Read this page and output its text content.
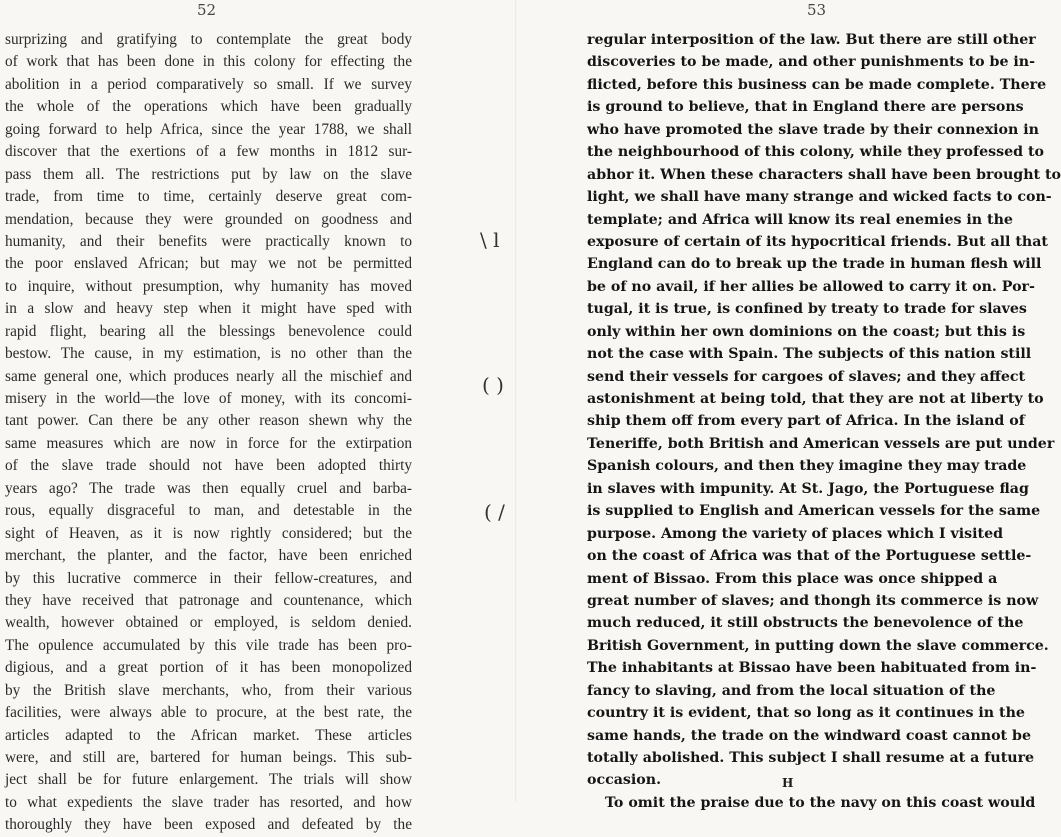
52
surprizing and gratifying to contemplate the great body
of work that has been done in this colony for effecting the
abolition in a period comparatively so small. If we survey
the whole of the operations which have been gradually
going forward to help Africa, since the year 1788, we shall
discover that the exertions of a few months in 1812 sur-
pass them all. The restrictions put by law on the slave
trade, from time to time, certainly deserve great com-
mendation, because they were grounded on goodness and
humanity, and their benefits were practically known to
the poor enslaved African; but may we not be permitted
to inquire, without presumption, why humanity has moved
in a slow and heavy step when it might have sped with
rapid flight, bearing all the blessings benevolence could
bestow. The cause, in my estimation, is no other than the
same general one, which produces nearly all the mischief and
misery in the world—the love of money, with its concomi-
tant power. Can there be any other reason shewn why the
same measures which are now in force for the extirpation
of the slave trade should not have been adopted thirty
years ago? The trade was then equally cruel and barba-
rous, equally disgraceful to man, and detestable in the
sight of Heaven, as it is now rightly considered; but the
merchant, the planter, and the factor, have been enriched
by this lucrative commerce in their fellow-creatures, and
they have received that patronage and countenance, which
wealth, however obtained or employed, is seldom denied.
The opulence accumulated by this vile trade has been pro-
digious, and a great portion of it has been monopolized
by the British slave merchants, who, from their various
facilities, were always able to procure, at the best rate, the
articles adapted to the African market. These articles
were, and still are, bartered for human beings. This sub-
ject shall be for future enlargement. The trials will show
to what expedients the slave trader has resorted, and how
thoroughly they have been exposed and defeated by the
\ l
( )
( /
53
regular interposition of the law. But there are still other
discoveries to be made, and other punishments to be in-
flicted, before this business can be made complete. There
is ground to believe, that in England there are persons
who have promoted the slave trade by their connexion in
the neighbourhood of this colony, while they professed to
abhor it. When these characters shall have been brought to
light, we shall have many strange and wicked facts to con-
template; and Africa will know its real enemies in the
exposure of certain of its hypocritical friends. But all that
England can do to break up the trade in human flesh will
be of no avail, if her allies be allowed to carry it on. Por-
tugal, it is true, is confined by treaty to trade for slaves
only within her own dominions on the coast; but this is
not the case with Spain. The subjects of this nation still
send their vessels for cargoes of slaves; and they affect
astonishment at being told, that they are not at liberty to
ship them off from every part of Africa. In the island of
Teneriffe, both British and American vessels are put under
Spanish colours, and then they imagine they may trade
in slaves with impunity. At St. Jago, the Portuguese flag
is supplied to English and American vessels for the same
purpose. Among the variety of places which I visited
on the coast of Africa was that of the Portuguese settle-
ment of Bissao. From this place was once shipped a
great number of slaves; and thongh its commerce is now
much reduced, it still obstructs the benevolence of the
British Government, in putting down the slave commerce.
The inhabitants at Bissao have been habituated from in-
fancy to slaving, and from the local situation of the
country it is evident, that so long as it continues in the
same hands, the trade on the windward coast cannot be
totally abolished. This subject I shall resume at a future
occasion.
To omit the praise due to the navy on this coast would
H
